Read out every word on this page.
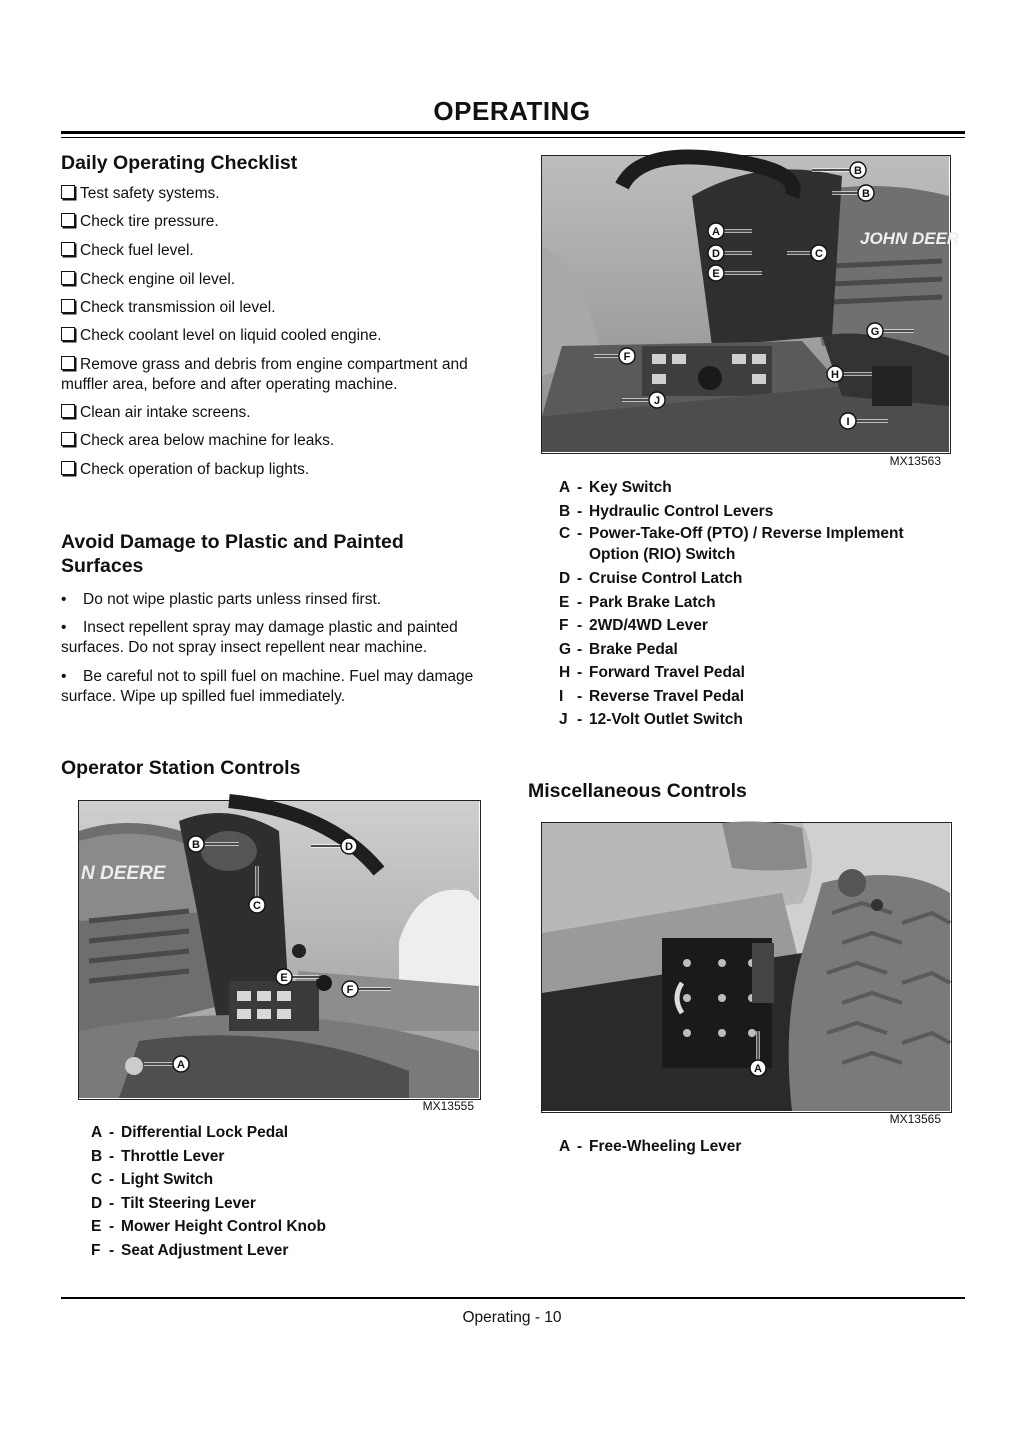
OPERATING
Daily Operating Checklist
Test safety systems.
Check tire pressure.
Check fuel level.
Check engine oil level.
Check transmission oil level.
Check coolant level on liquid cooled engine.
Remove grass and debris from engine compartment and muffler area, before and after operating machine.
Clean air intake screens.
Check area below machine for leaks.
Check operation of backup lights.
Avoid Damage to Plastic and Painted Surfaces
• Do not wipe plastic parts unless rinsed first.
• Insect repellent spray may damage plastic and painted surfaces. Do not spray insect repellent near machine.
• Be careful not to spill fuel on machine. Fuel may damage surface. Wipe up spilled fuel immediately.
Operator Station Controls
N DEERE
B	D
C
E
F
A
MX13555
A - Differential Lock Pedal
B - Throttle Lever
C - Light Switch
D - Tilt Steering Lever
E - Mower Height Control Knob
F - Seat Adjustment Lever
JOHN DEER
B
B
A
D
E
C
G
F
H
J
I
MX13563
A - Key Switch
B - Hydraulic Control Levers
C - Power-Take-Off (PTO) / Reverse Implement Option (RIO) Switch
D - Cruise Control Latch
E - Park Brake Latch
F - 2WD/4WD Lever
G - Brake Pedal
H - Forward Travel Pedal
I - Reverse Travel Pedal
J - 12-Volt Outlet Switch
Miscellaneous Controls
A
MX13565
A - Free-Wheeling Lever
Operating - 10
